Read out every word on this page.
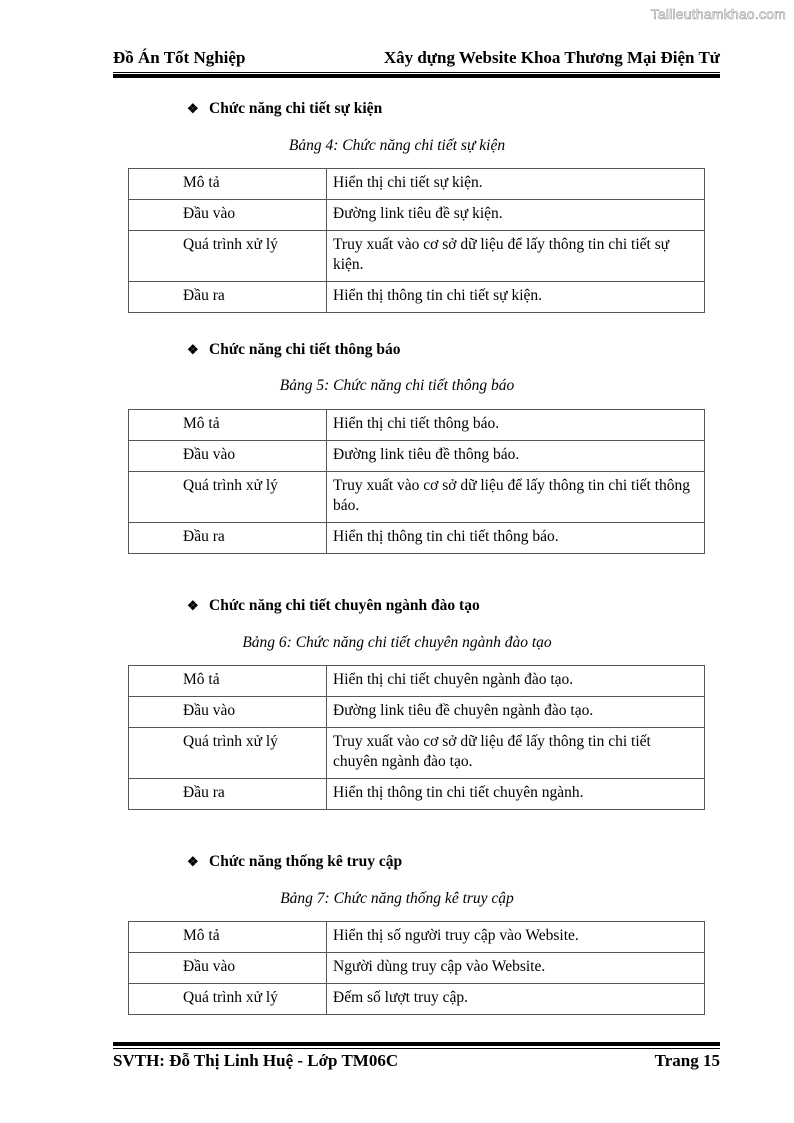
Tailieuthamkhao.com
Đồ Án Tốt Nghiệp	Xây dựng Website Khoa Thương Mại Điện Tử
❖ Chức năng chi tiết sự kiện
Bảng 4: Chức năng chi tiết sự kiện
Mô tả	Hiển thị chi tiết sự kiện.
Đầu vào	Đường link tiêu đề sự kiện.
Quá trình xử lý	Truy xuất vào cơ sở dữ liệu để lấy thông tin chi tiết sự kiện.
Đầu ra	Hiển thị thông tin chi tiết sự kiện.
❖ Chức năng chi tiết thông báo
Bảng 5: Chức năng chi tiết thông báo
Mô tả	Hiển thị chi tiết thông báo.
Đầu vào	Đường link tiêu đề thông báo.
Quá trình xử lý	Truy xuất vào cơ sở dữ liệu để lấy thông tin chi tiết thông báo.
Đầu ra	Hiển thị thông tin chi tiết thông báo.
❖ Chức năng chi tiết chuyên ngành đào tạo
Bảng 6: Chức năng chi tiết chuyên ngành đào tạo
Mô tả	Hiển thị chi tiết chuyên ngành đào tạo.
Đầu vào	Đường link tiêu đề chuyên ngành đào tạo.
Quá trình xử lý	Truy xuất vào cơ sở dữ liệu để lấy thông tin chi tiết chuyên ngành đào tạo.
Đầu ra	Hiển thị thông tin chi tiết chuyên ngành.
❖ Chức năng thống kê truy cập
Bảng 7: Chức năng thống kê truy cập
Mô tả	Hiển thị số người truy cập vào Website.
Đầu vào	Người dùng truy cập vào Website.
Quá trình xử lý	Đếm số lượt truy cập.
SVTH: Đỗ Thị Linh Huệ - Lớp TM06C	Trang 15
